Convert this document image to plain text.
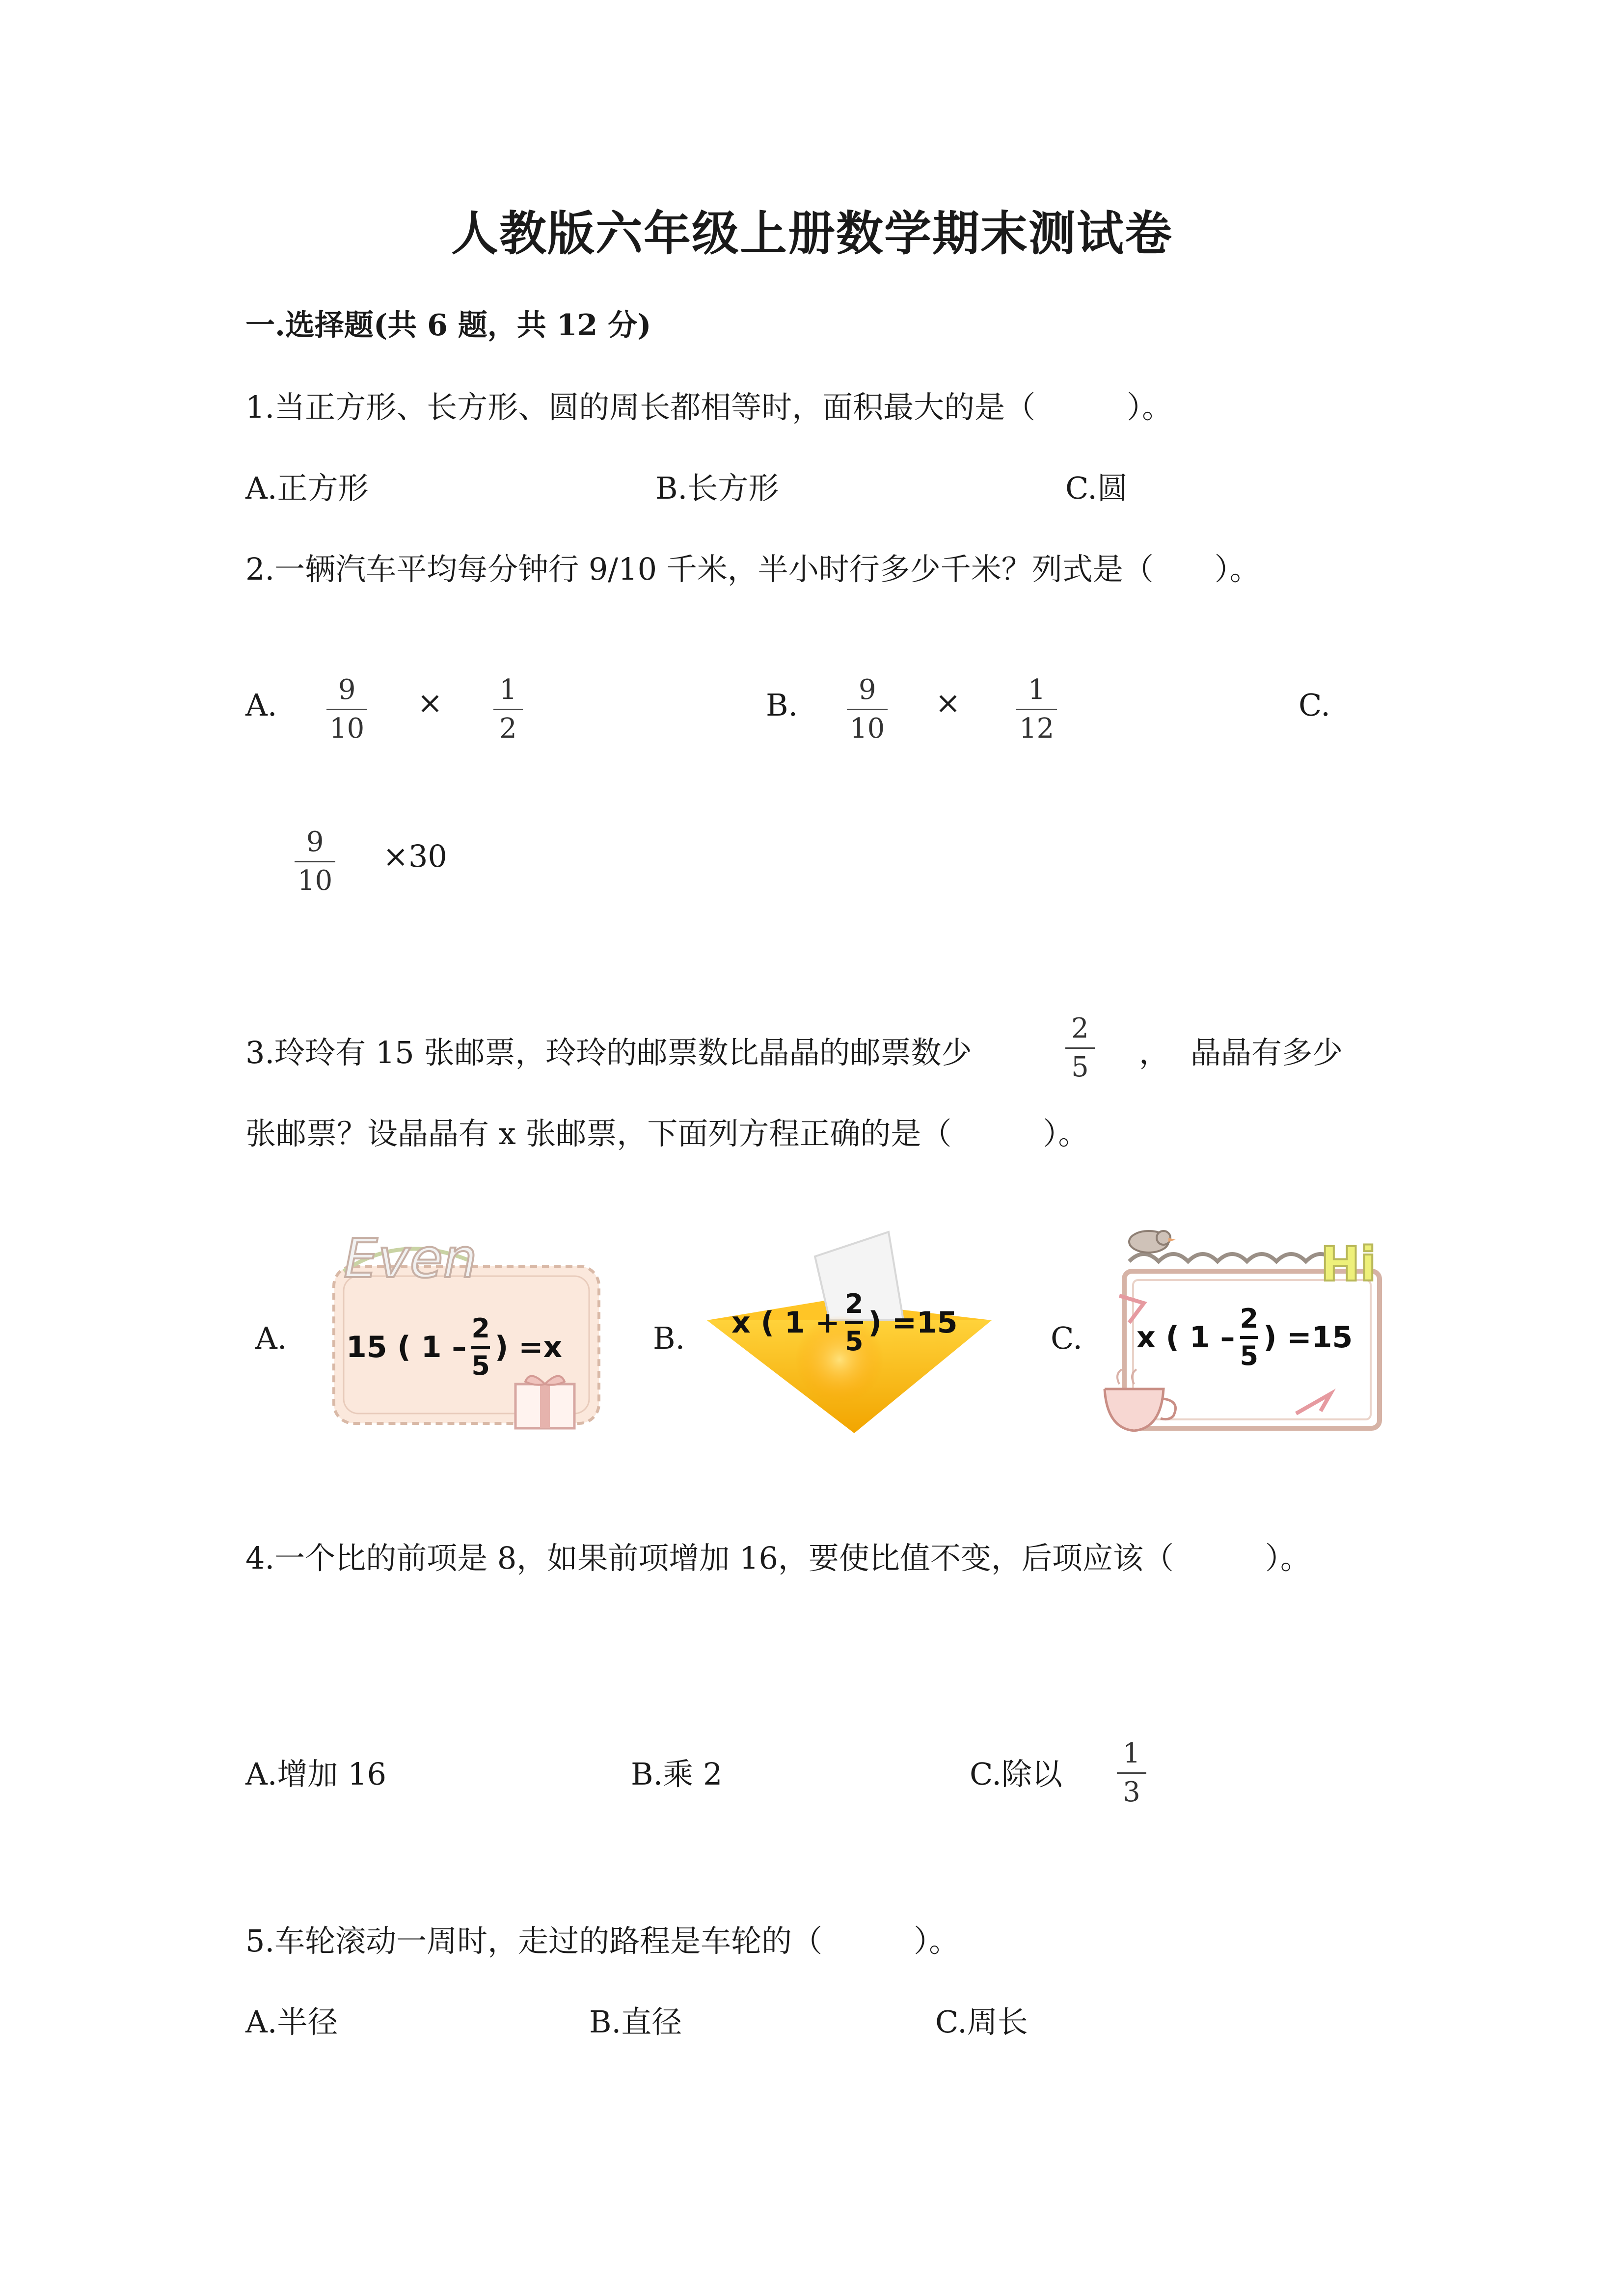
人教版六年级上册数学期末测试卷
一.选择题(共 6 题，共 12 分)
1.当正方形、长方形、圆的周长都相等时，面积最大的是（　　　）。
A.正方形	B.长方形	C.圆
2.一辆汽车平均每分钟行 9/10 千米，半小时行多少千米？列式是（　　）。
A. 9
10
× 1
2
B. 9
10
× 1
12
C.
9
10
×30
3.玲玲有 15 张邮票，玲玲的邮票数比晶晶的邮票数少
2
5 ， 晶晶有多少
张邮票？设晶晶有 x 张邮票，下面列方程正确的是（　　　）。
A.
Even
15 ( 1 –
2
5
) =x	B. x ( 1 +
2
5
) =15	C.
Hi
x ( 1 –
2
5
) =15
4.一个比的前项是 8，如果前项增加 16，要使比值不变，后项应该（　　　）。
A.增加 16	B.乘 2	C.除以
1
3
5.车轮滚动一周时，走过的路程是车轮的（　　　）。
A.半径	B.直径	C.周长
